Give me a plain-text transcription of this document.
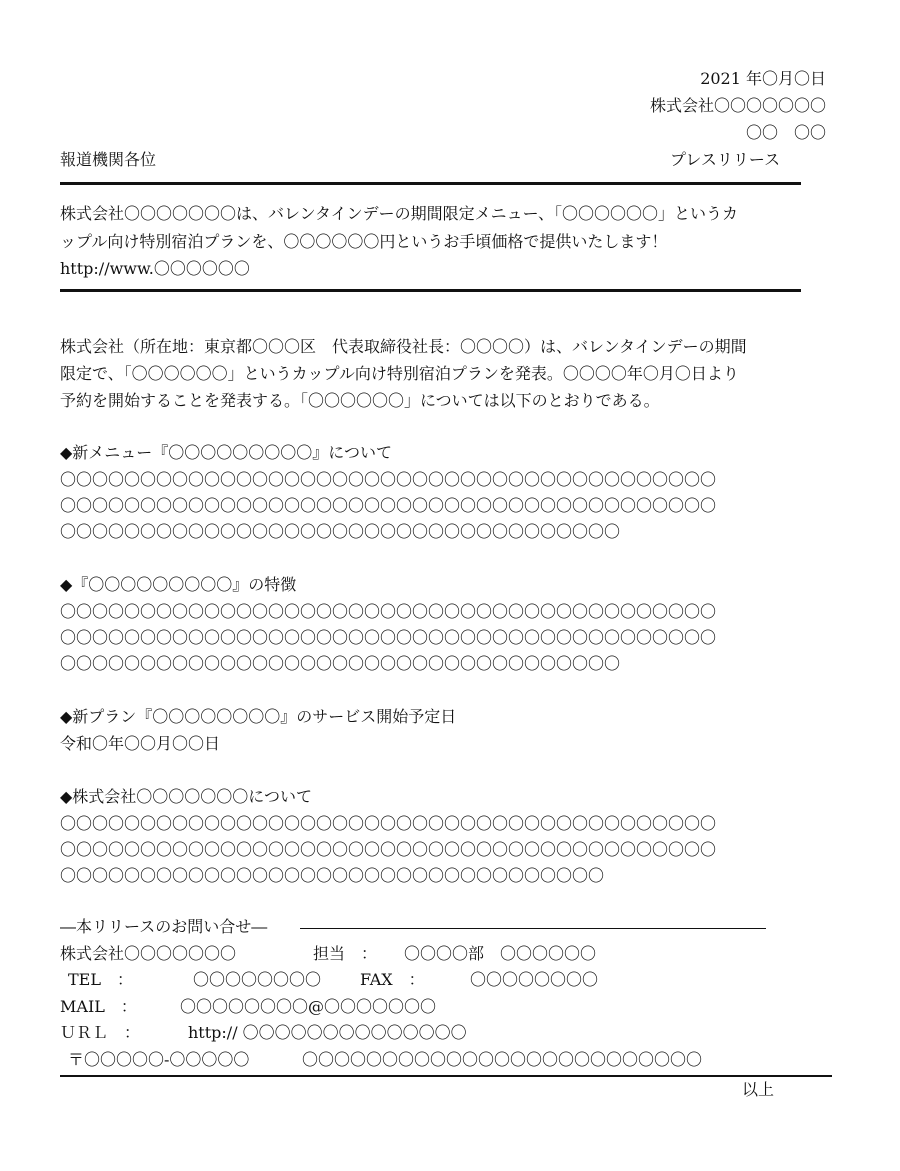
2021 年〇月〇日

株式会社〇〇〇〇〇〇〇

〇〇　〇〇

報道機関各位	プレスリリース

株式会社〇〇〇〇〇〇〇は、バレンタインデーの期間限定メニュー、「〇〇〇〇〇〇」というカ

ップル向け特別宿泊プランを、〇〇〇〇〇〇円というお手頃価格で提供いたします！

http://www.〇〇〇〇〇〇

株式会社（所在地：東京都〇〇〇区　代表取締役社長：〇〇〇〇）は、バレンタインデーの期間

限定で、「〇〇〇〇〇〇」というカップル向け特別宿泊プランを発表。〇〇〇〇年〇月〇日より

予約を開始することを発表する。「〇〇〇〇〇〇」については以下のとおりである。

◆新メニュー『〇〇〇〇〇〇〇〇〇』について

〇〇〇〇〇〇〇〇〇〇〇〇〇〇〇〇〇〇〇〇〇〇〇〇〇〇〇〇〇〇〇〇〇〇〇〇〇〇〇〇〇

〇〇〇〇〇〇〇〇〇〇〇〇〇〇〇〇〇〇〇〇〇〇〇〇〇〇〇〇〇〇〇〇〇〇〇〇〇〇〇〇〇

〇〇〇〇〇〇〇〇〇〇〇〇〇〇〇〇〇〇〇〇〇〇〇〇〇〇〇〇〇〇〇〇〇〇〇

◆『〇〇〇〇〇〇〇〇〇』の特徴

〇〇〇〇〇〇〇〇〇〇〇〇〇〇〇〇〇〇〇〇〇〇〇〇〇〇〇〇〇〇〇〇〇〇〇〇〇〇〇〇〇

〇〇〇〇〇〇〇〇〇〇〇〇〇〇〇〇〇〇〇〇〇〇〇〇〇〇〇〇〇〇〇〇〇〇〇〇〇〇〇〇〇

〇〇〇〇〇〇〇〇〇〇〇〇〇〇〇〇〇〇〇〇〇〇〇〇〇〇〇〇〇〇〇〇〇〇〇

◆新プラン『〇〇〇〇〇〇〇〇』のサービス開始予定日

令和〇年〇〇月〇〇日

◆株式会社〇〇〇〇〇〇〇について

〇〇〇〇〇〇〇〇〇〇〇〇〇〇〇〇〇〇〇〇〇〇〇〇〇〇〇〇〇〇〇〇〇〇〇〇〇〇〇〇〇

〇〇〇〇〇〇〇〇〇〇〇〇〇〇〇〇〇〇〇〇〇〇〇〇〇〇〇〇〇〇〇〇〇〇〇〇〇〇〇〇〇

〇〇〇〇〇〇〇〇〇〇〇〇〇〇〇〇〇〇〇〇〇〇〇〇〇〇〇〇〇〇〇〇〇〇

―本リリースのお問い合せ―

株式会社〇〇〇〇〇〇〇	担当　：	〇〇〇〇部　〇〇〇〇〇〇

TEL　：	〇〇〇〇〇〇〇〇	FAX　：	〇〇〇〇〇〇〇〇

MAIL　：	〇〇〇〇〇〇〇〇@〇〇〇〇〇〇〇

ＵＲＬ　：	http:// 〇〇〇〇〇〇〇〇〇〇〇〇〇〇

〒〇〇〇〇〇-〇〇〇〇〇	〇〇〇〇〇〇〇〇〇〇〇〇〇〇〇〇〇〇〇〇〇〇〇〇〇

以上
